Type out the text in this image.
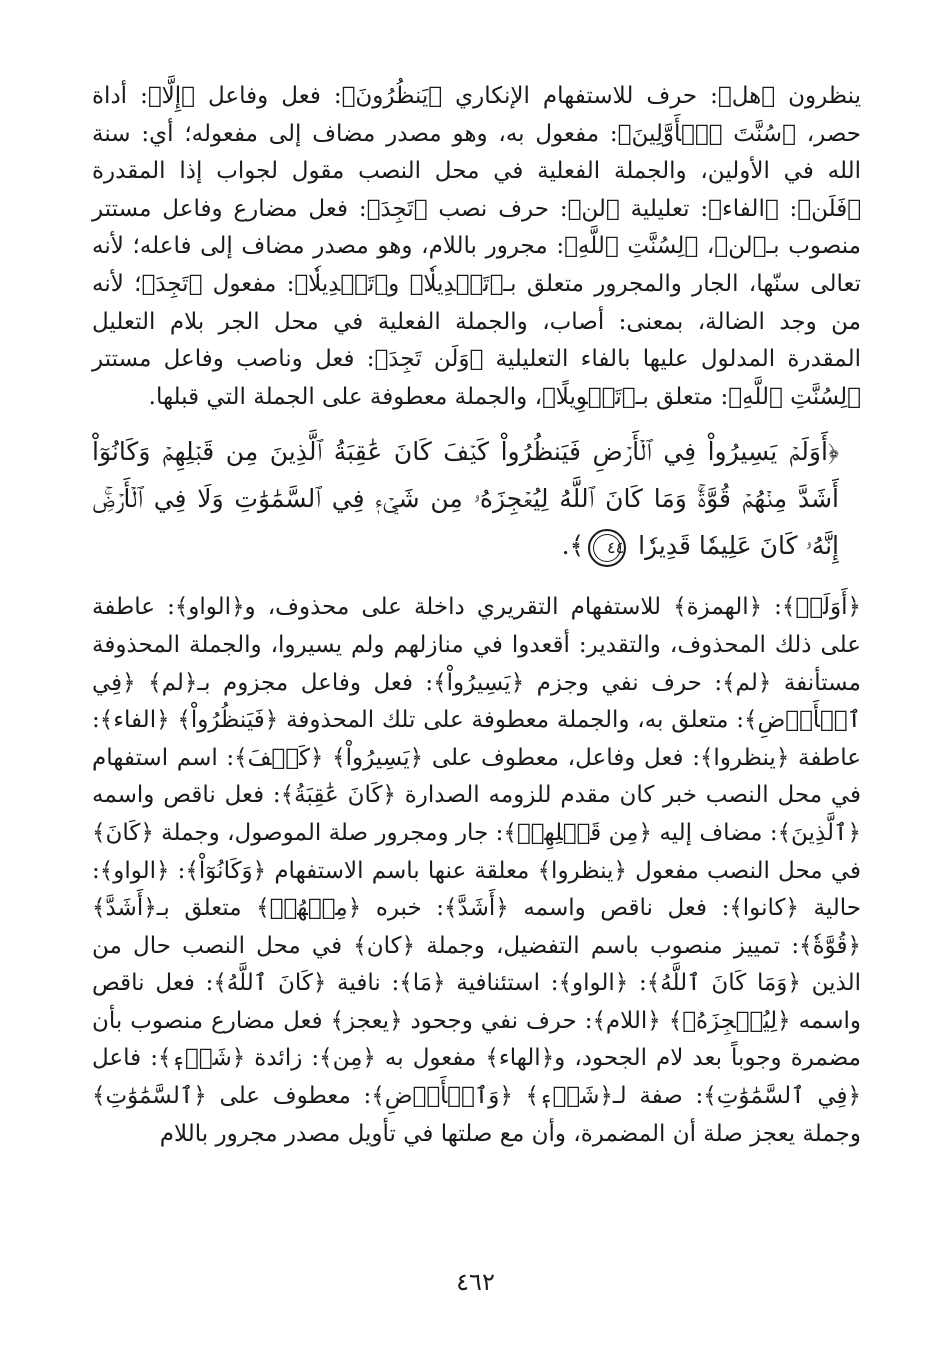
ينظرون ﴿هل﴾: حرف للاستفهام الإنكاري ﴿يَنظُرُونَ﴾: فعل وفاعل ﴿إِلَّا﴾: أداة حصر، ﴿سُنَّتَ ٱلۡأَوَّلِينَ﴾: مفعول به، وهو مصدر مضاف إلى مفعوله؛ أي: سنة الله في الأولين، والجملة الفعلية في محل النصب مقول لجواب إذا المقدرة ﴿فَلَن﴾: ﴿الفاء﴾: تعليلية ﴿لن﴾: حرف نصب ﴿تَجِدَ﴾: فعل مضارع وفاعل مستتر منصوب بـ﴿لن﴾، ﴿لِسُنَّتِ ٱللَّهِ﴾: مجرور باللام، وهو مصدر مضاف إلى فاعله؛ لأنه تعالى سنّها، الجار والمجرور متعلق بـ﴿تَبۡدِيلٗا﴾ و﴿تَبۡدِيلٗا﴾: مفعول ﴿تَجِدَ﴾؛ لأنه من وجد الضالة، بمعنى: أصاب، والجملة الفعلية في محل الجر بلام التعليل المقدرة المدلول عليها بالفاء التعليلية ﴿وَلَن تَجِدَ﴾: فعل وناصب وفاعل مستتر ﴿لِسُنَّتِ ٱللَّهِ﴾: متعلق بـ﴿تَحۡوِيلًا﴾، والجملة معطوفة على الجملة التي قبلها.

﴿أَوَلَمۡ يَسِيرُواْ فِي ٱلۡأَرۡضِ فَيَنظُرُواْ كَيۡفَ كَانَ عَٰقِبَةُ ٱلَّذِينَ مِن قَبۡلِهِمۡ وَكَانُوٓاْ أَشَدَّ مِنۡهُمۡ قُوَّةٗۚ وَمَا كَانَ ٱللَّهُ لِيُعۡجِزَهُۥ مِن شَيۡءٖ فِي ٱلسَّمَٰوَٰتِ وَلَا فِي ٱلۡأَرۡضِۚ إِنَّهُۥ كَانَ عَلِيمٗا قَدِيرٗا ٤٤﴾.

﴿أَوَلَمۡ﴾: ﴿الهمزة﴾ للاستفهام التقريري داخلة على محذوف، و﴿الواو﴾: عاطفة على ذلك المحذوف، والتقدير: أقعدوا في منازلهم ولم يسيروا، والجملة المحذوفة مستأنفة ﴿لم﴾: حرف نفي وجزم ﴿يَسِيرُواْ﴾: فعل وفاعل مجزوم بـ﴿لم﴾ ﴿فِي ٱلۡأَرۡضِ﴾: متعلق به، والجملة معطوفة على تلك المحذوفة ﴿فَيَنظُرُواْ﴾ ﴿الفاء﴾: عاطفة ﴿ينظروا﴾: فعل وفاعل، معطوف على ﴿يَسِيرُواْ﴾ ﴿كَيۡفَ﴾: اسم استفهام في محل النصب خبر كان مقدم للزومه الصدارة ﴿كَانَ عَٰقِبَةُ﴾: فعل ناقص واسمه ﴿ٱلَّذِينَ﴾: مضاف إليه ﴿مِن قَبۡلِهِمۡ﴾: جار ومجرور صلة الموصول، وجملة ﴿كَانَ﴾ في محل النصب مفعول ﴿ينظروا﴾ معلقة عنها باسم الاستفهام ﴿وَكَانُوٓاْ﴾: ﴿الواو﴾: حالية ﴿كانوا﴾: فعل ناقص واسمه ﴿أَشَدَّ﴾: خبره ﴿مِنۡهُمۡ﴾ متعلق بـ﴿أَشَدَّ﴾ ﴿قُوَّةٗ﴾: تمييز منصوب باسم التفضيل، وجملة ﴿كان﴾ في محل النصب حال من الذين ﴿وَمَا كَانَ ٱللَّهُ﴾: ﴿الواو﴾: استئنافية ﴿مَا﴾: نافية ﴿كَانَ ٱللَّهُ﴾: فعل ناقص واسمه ﴿لِيُعۡجِزَهُۥ﴾ ﴿اللام﴾: حرف نفي وجحود ﴿يعجز﴾ فعل مضارع منصوب بأن مضمرة وجوباً بعد لام الجحود، و﴿الهاء﴾ مفعول به ﴿مِن﴾: زائدة ﴿شَيۡءٖ﴾: فاعل ﴿فِي ٱلسَّمَٰوَٰتِ﴾: صفة لـ﴿شَيۡءٖ﴾ ﴿وَٱلۡأَرۡضِ﴾: معطوف على ﴿ٱلسَّمَٰوَٰتِ﴾ وجملة يعجز صلة أن المضمرة، وأن مع صلتها في تأويل مصدر مجرور باللام

٤٦٢
